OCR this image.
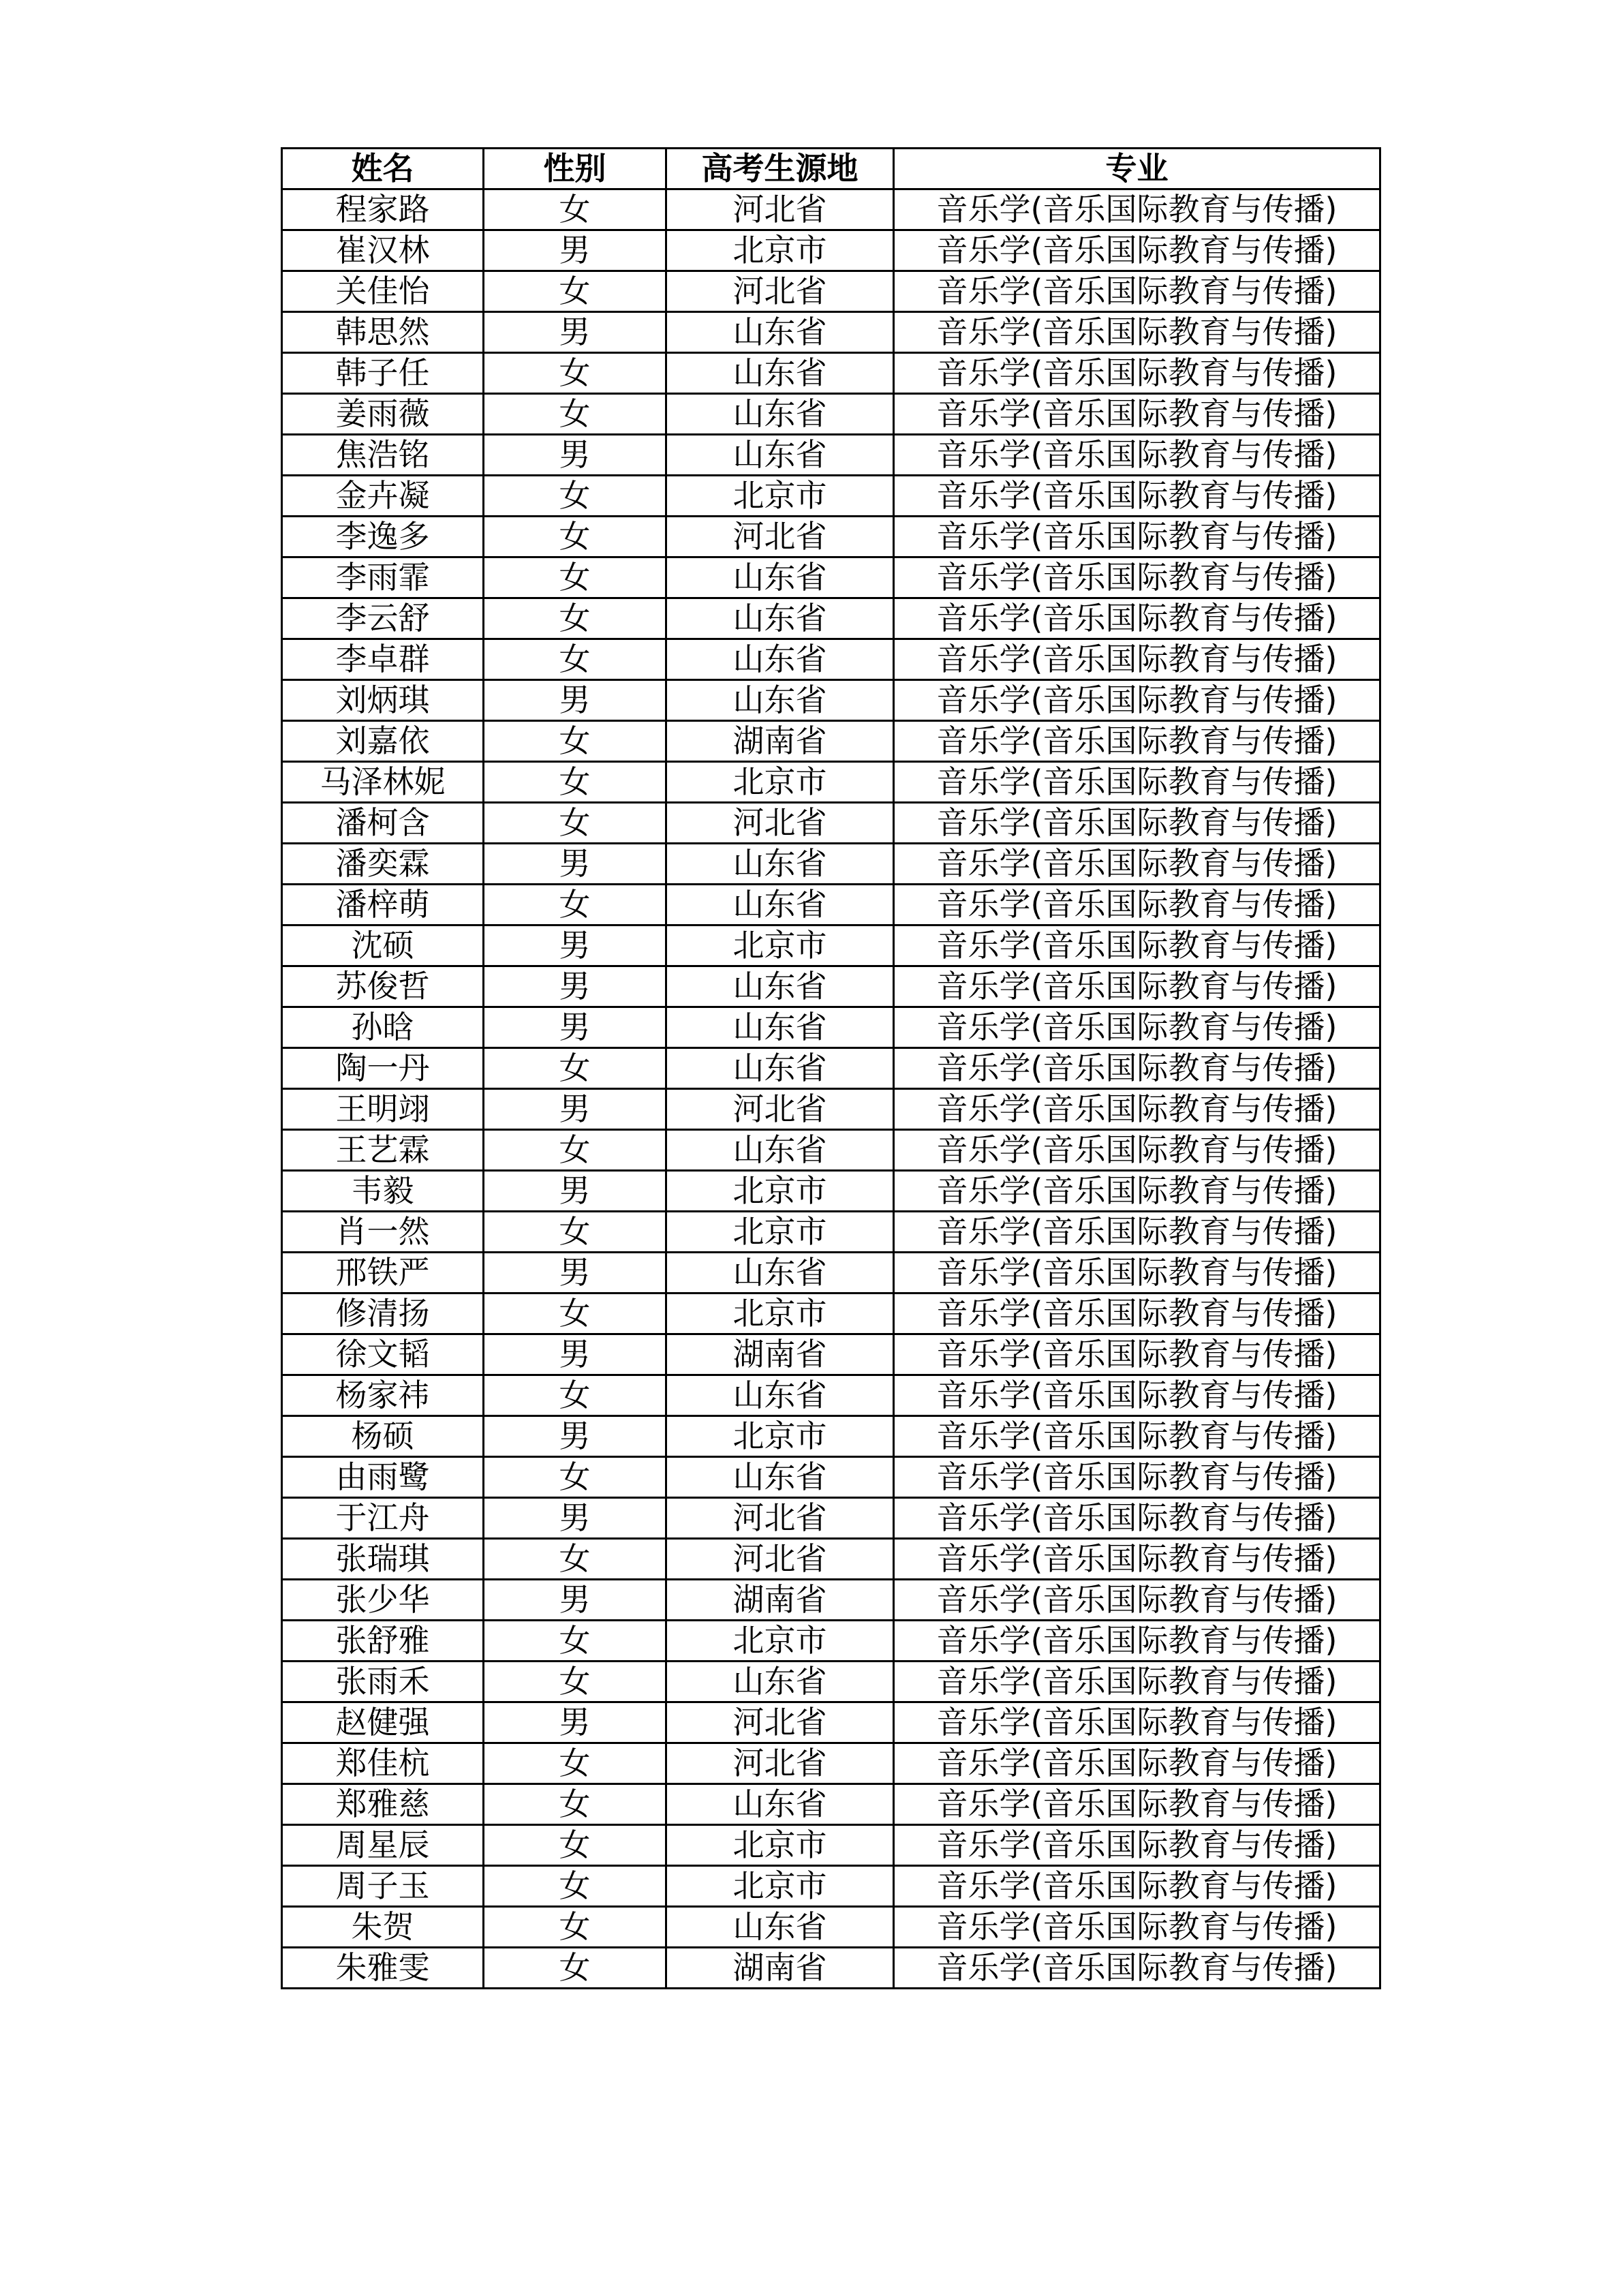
姓名	性别	高考生源地	专业
程家路	女	河北省	音乐学(音乐国际教育与传播)
崔汉林	男	北京市	音乐学(音乐国际教育与传播)
关佳怡	女	河北省	音乐学(音乐国际教育与传播)
韩思然	男	山东省	音乐学(音乐国际教育与传播)
韩子任	女	山东省	音乐学(音乐国际教育与传播)
姜雨薇	女	山东省	音乐学(音乐国际教育与传播)
焦浩铭	男	山东省	音乐学(音乐国际教育与传播)
金卉凝	女	北京市	音乐学(音乐国际教育与传播)
李逸多	女	河北省	音乐学(音乐国际教育与传播)
李雨霏	女	山东省	音乐学(音乐国际教育与传播)
李云舒	女	山东省	音乐学(音乐国际教育与传播)
李卓群	女	山东省	音乐学(音乐国际教育与传播)
刘炳琪	男	山东省	音乐学(音乐国际教育与传播)
刘嘉依	女	湖南省	音乐学(音乐国际教育与传播)
马泽林妮	女	北京市	音乐学(音乐国际教育与传播)
潘柯含	女	河北省	音乐学(音乐国际教育与传播)
潘奕霖	男	山东省	音乐学(音乐国际教育与传播)
潘梓萌	女	山东省	音乐学(音乐国际教育与传播)
沈硕	男	北京市	音乐学(音乐国际教育与传播)
苏俊哲	男	山东省	音乐学(音乐国际教育与传播)
孙晗	男	山东省	音乐学(音乐国际教育与传播)
陶一丹	女	山东省	音乐学(音乐国际教育与传播)
王明翊	男	河北省	音乐学(音乐国际教育与传播)
王艺霖	女	山东省	音乐学(音乐国际教育与传播)
韦毅	男	北京市	音乐学(音乐国际教育与传播)
肖一然	女	北京市	音乐学(音乐国际教育与传播)
邢铁严	男	山东省	音乐学(音乐国际教育与传播)
修清扬	女	北京市	音乐学(音乐国际教育与传播)
徐文韬	男	湖南省	音乐学(音乐国际教育与传播)
杨家祎	女	山东省	音乐学(音乐国际教育与传播)
杨硕	男	北京市	音乐学(音乐国际教育与传播)
由雨鹭	女	山东省	音乐学(音乐国际教育与传播)
于江舟	男	河北省	音乐学(音乐国际教育与传播)
张瑞琪	女	河北省	音乐学(音乐国际教育与传播)
张少华	男	湖南省	音乐学(音乐国际教育与传播)
张舒雅	女	北京市	音乐学(音乐国际教育与传播)
张雨禾	女	山东省	音乐学(音乐国际教育与传播)
赵健强	男	河北省	音乐学(音乐国际教育与传播)
郑佳杭	女	河北省	音乐学(音乐国际教育与传播)
郑雅慈	女	山东省	音乐学(音乐国际教育与传播)
周星辰	女	北京市	音乐学(音乐国际教育与传播)
周子玉	女	北京市	音乐学(音乐国际教育与传播)
朱贺	女	山东省	音乐学(音乐国际教育与传播)
朱雅雯	女	湖南省	音乐学(音乐国际教育与传播)
